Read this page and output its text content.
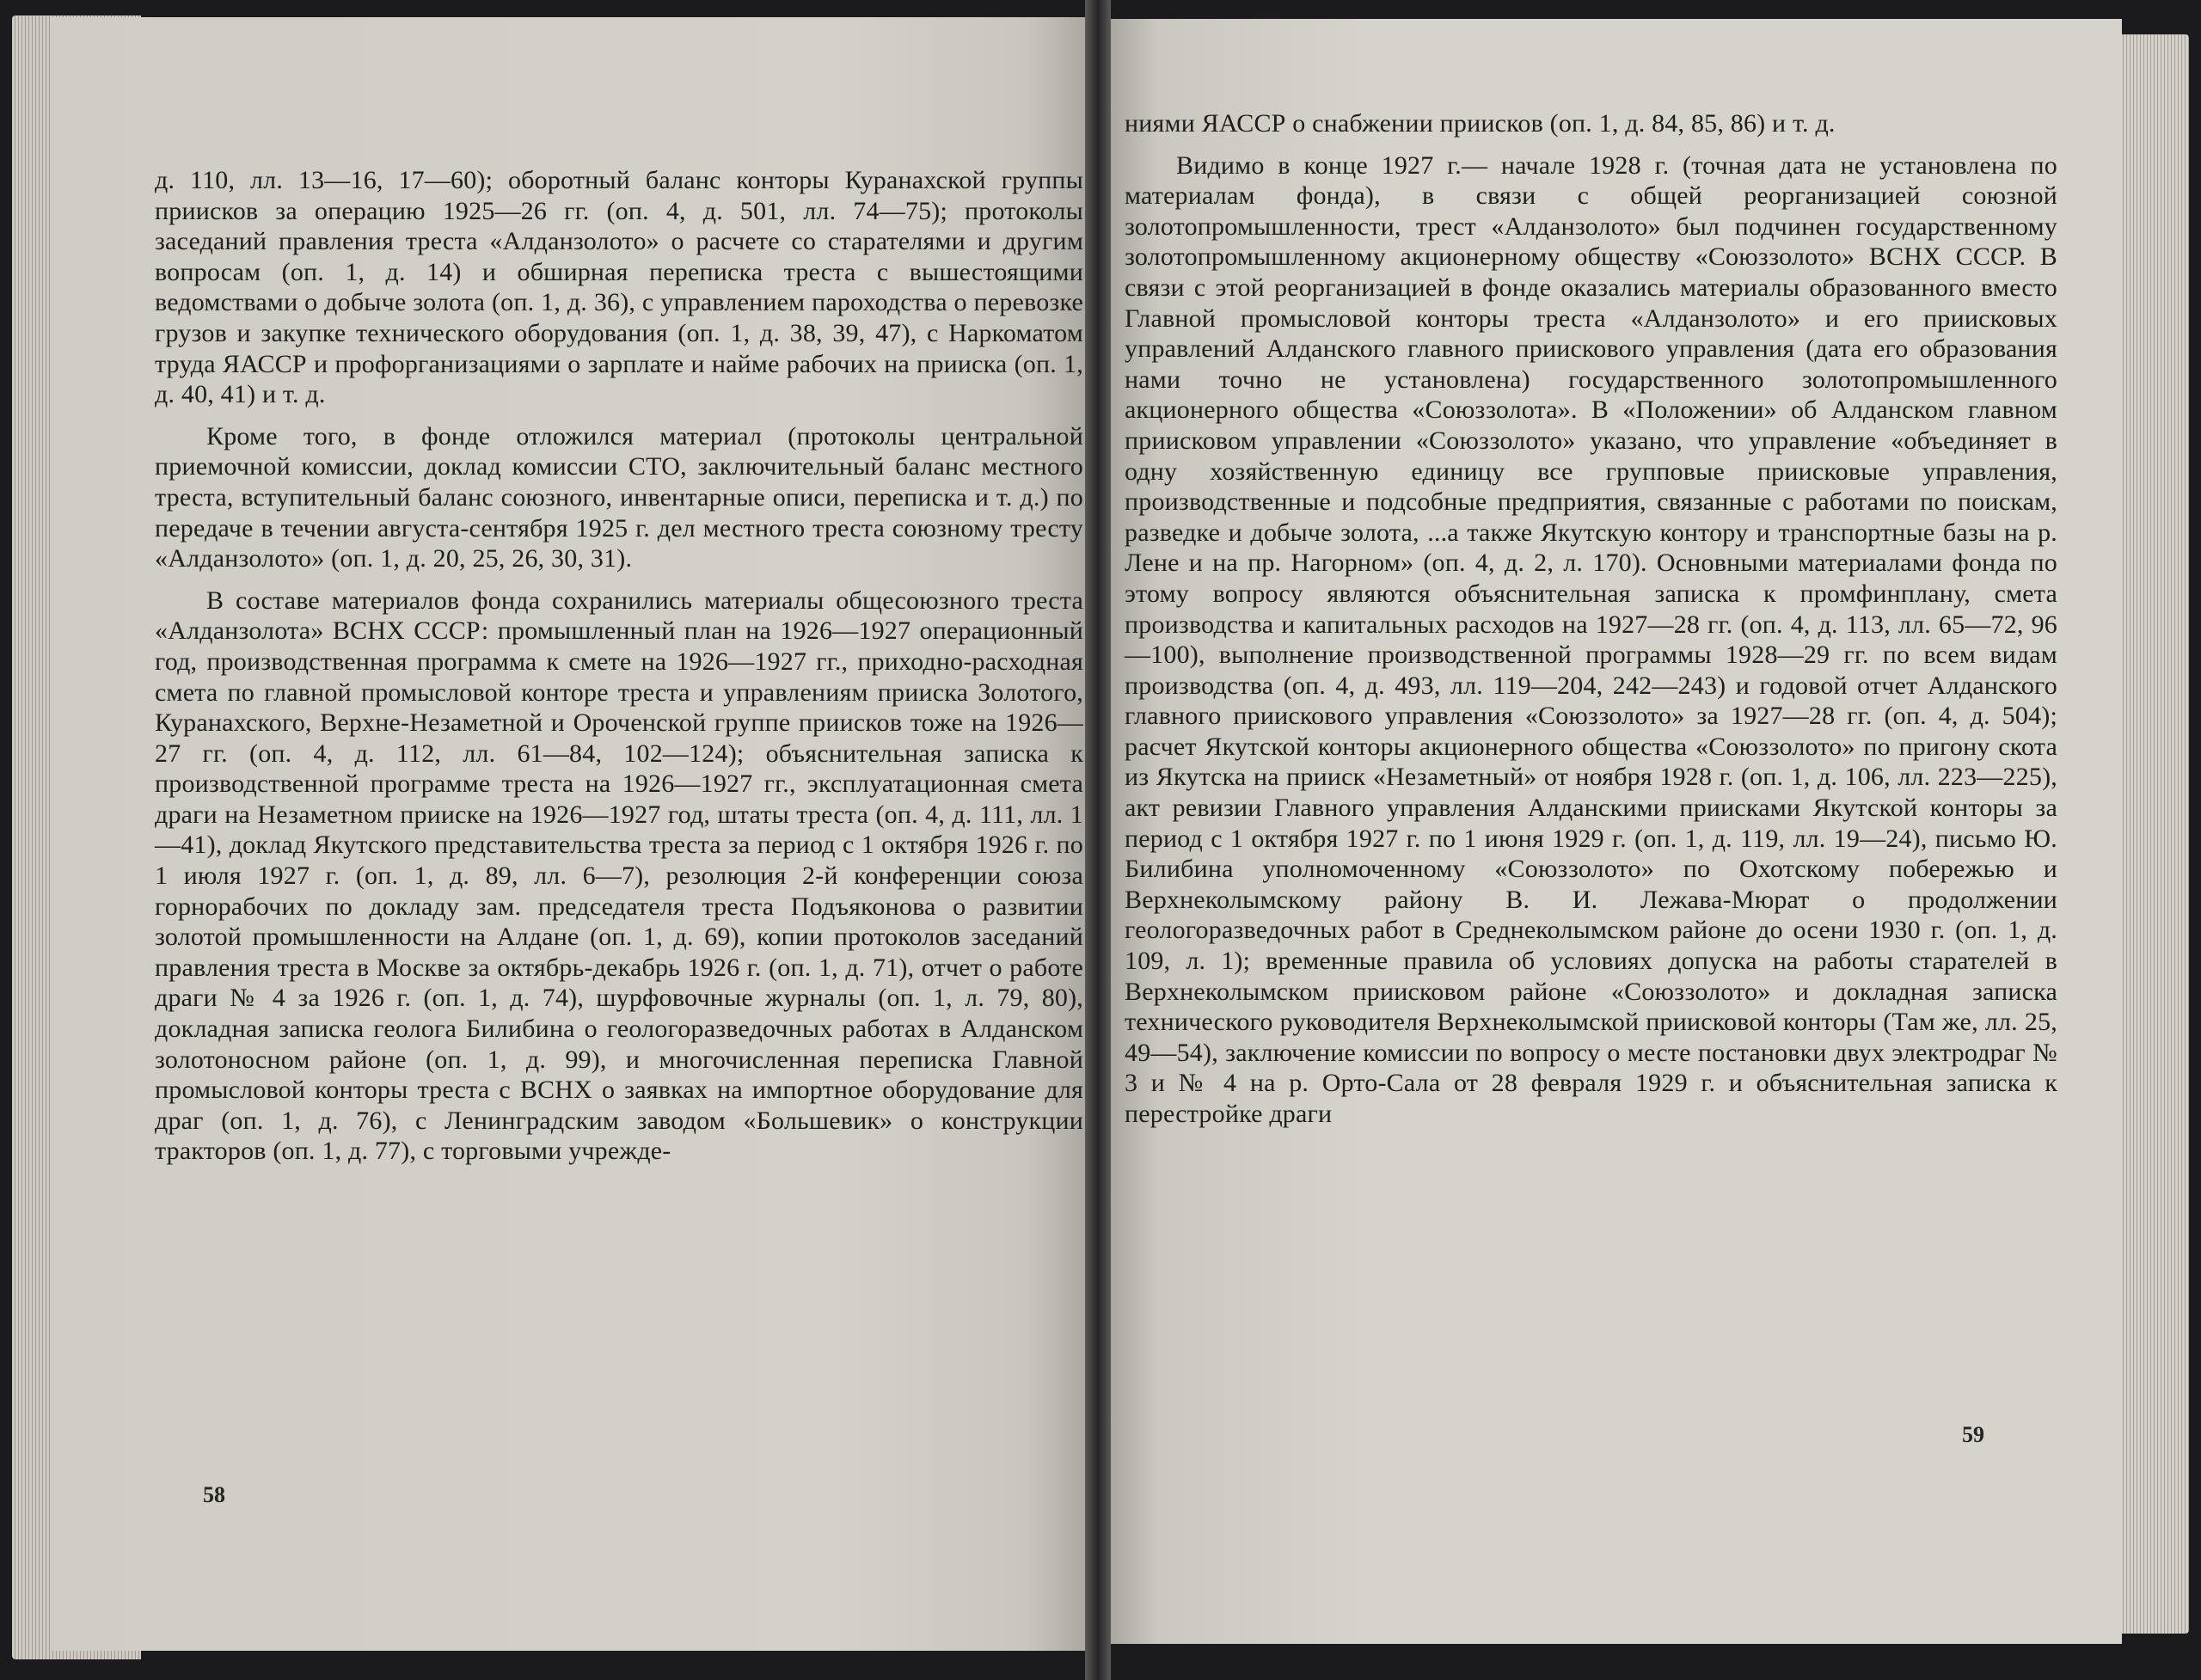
д. 110, лл. 13—16, 17—60); оборотный баланс конторы Куранахской группы приисков за операцию 1925—26 гг. (оп. 4, д. 501, лл. 74—75); протоколы заседаний правления треста «Алданзолото» о расчете со старателями и другим вопросам (оп. 1, д. 14) и обширная переписка треста с вышестоящими ведомствами о добыче золота (оп. 1, д. 36), с управлением пароходства о перевозке грузов и закупке технического оборудования (оп. 1, д. 38, 39, 47), с Наркоматом труда ЯАССР и профорганизациями о зарплате и найме рабочих на прииска (оп. 1, д. 40, 41) и т. д.

Кроме того, в фонде отложился материал (протоколы центральной приемочной комиссии, доклад комиссии СТО, заключительный баланс местного треста, вступительный баланс союзного, инвентарные описи, переписка и т. д.) по передаче в течении августа-сентября 1925 г. дел местного треста союзному тресту «Алданзолото» (оп. 1, д. 20, 25, 26, 30, 31).

В составе материалов фонда сохранились материалы общесоюзного треста «Алданзолота» ВСНХ СССР: промышленный план на 1926—1927 операционный год, производственная программа к смете на 1926—1927 гг., приходно-расходная смета по главной промысловой конторе треста и управлениям прииска Золотого, Куранахского, Верхне-Незаметной и Ороченской группе приисков тоже на 1926—27 гг. (оп. 4, д. 112, лл. 61—84, 102—124); объяснительная записка к производственной программе треста на 1926—1927 гг., эксплуатационная смета драги на Незаметном прииске на 1926—1927 год, штаты треста (оп. 4, д. 111, лл. 1—41), доклад Якутского представительства треста за период с 1 октября 1926 г. по 1 июля 1927 г. (оп. 1, д. 89, лл. 6—7), резолюция 2-й конференции союза горнорабочих по докладу зам. председателя треста Подъяконова о развитии золотой промышленности на Алдане (оп. 1, д. 69), копии протоколов заседаний правления треста в Москве за октябрь-декабрь 1926 г. (оп. 1, д. 71), отчет о работе драги № 4 за 1926 г. (оп. 1, д. 74), шурфовочные журналы (оп. 1, л. 79, 80), докладная записка геолога Билибина о геологоразведочных работах в Алданском золотоносном районе (оп. 1, д. 99), и многочисленная переписка Главной промысловой конторы треста с ВСНХ о заявках на импортное оборудование для драг (оп. 1, д. 76), с Ленинградским заводом «Большевик» о конструкции тракторов (оп. 1, д. 77), с торговыми учрежде-

ниями ЯАССР о снабжении приисков (оп. 1, д. 84, 85, 86) и т. д.

Видимо в конце 1927 г.— начале 1928 г. (точная дата не установлена по материалам фонда), в связи с общей реорганизацией союзной золотопромышленности, трест «Алданзолото» был подчинен государственному золотопромышленному акционерному обществу «Союззолото» ВСНХ СССР. В связи с этой реорганизацией в фонде оказались материалы образованного вместо Главной промысловой конторы треста «Алданзолото» и его приисковых управлений Алданского главного приискового управления (дата его образования нами точно не установлена) государственного золотопромышленного акционерного общества «Союззолота». В «Положении» об Алданском главном приисковом управлении «Союззолото» указано, что управление «объединяет в одну хозяйственную единицу все групповые приисковые управления, производственные и подсобные предприятия, связанные с работами по поискам, разведке и добыче золота, ...а также Якутскую контору и транспортные базы на р. Лене и на пр. Нагорном» (оп. 4, д. 2, л. 170). Основными материалами фонда по этому вопросу являются объяснительная записка к промфинплану, смета производства и капитальных расходов на 1927—28 гг. (оп. 4, д. 113, лл. 65—72, 96—100), выполнение производственной программы 1928—29 гг. по всем видам производства (оп. 4, д. 493, лл. 119—204, 242—243) и годовой отчет Алданского главного приискового управления «Союззолото» за 1927—28 гг. (оп. 4, д. 504); расчет Якутской конторы акционерного общества «Союззолото» по пригону скота из Якутска на прииск «Незаметный» от ноября 1928 г. (оп. 1, д. 106, лл. 223—225), акт ревизии Главного управления Алданскими приисками Якутской конторы за период с 1 октября 1927 г. по 1 июня 1929 г. (оп. 1, д. 119, лл. 19—24), письмо Ю. Билибина уполномоченному «Союззолото» по Охотскому побережью и Верхнеколымскому району В. И. Лежава-Мюрат о продолжении геологоразведочных работ в Среднеколымском районе до осени 1930 г. (оп. 1, д. 109, л. 1); временные правила об условиях допуска на работы старателей в Верхнеколымском приисковом районе «Союззолото» и докладная записка технического руководителя Верхнеколымской приисковой конторы (Там же, лл. 25, 49—54), заключение комиссии по вопросу о месте постановки двух электродраг № 3 и № 4 на р. Орто-Сала от 28 февраля 1929 г. и объяснительная записка к перестройке драги

58
59
